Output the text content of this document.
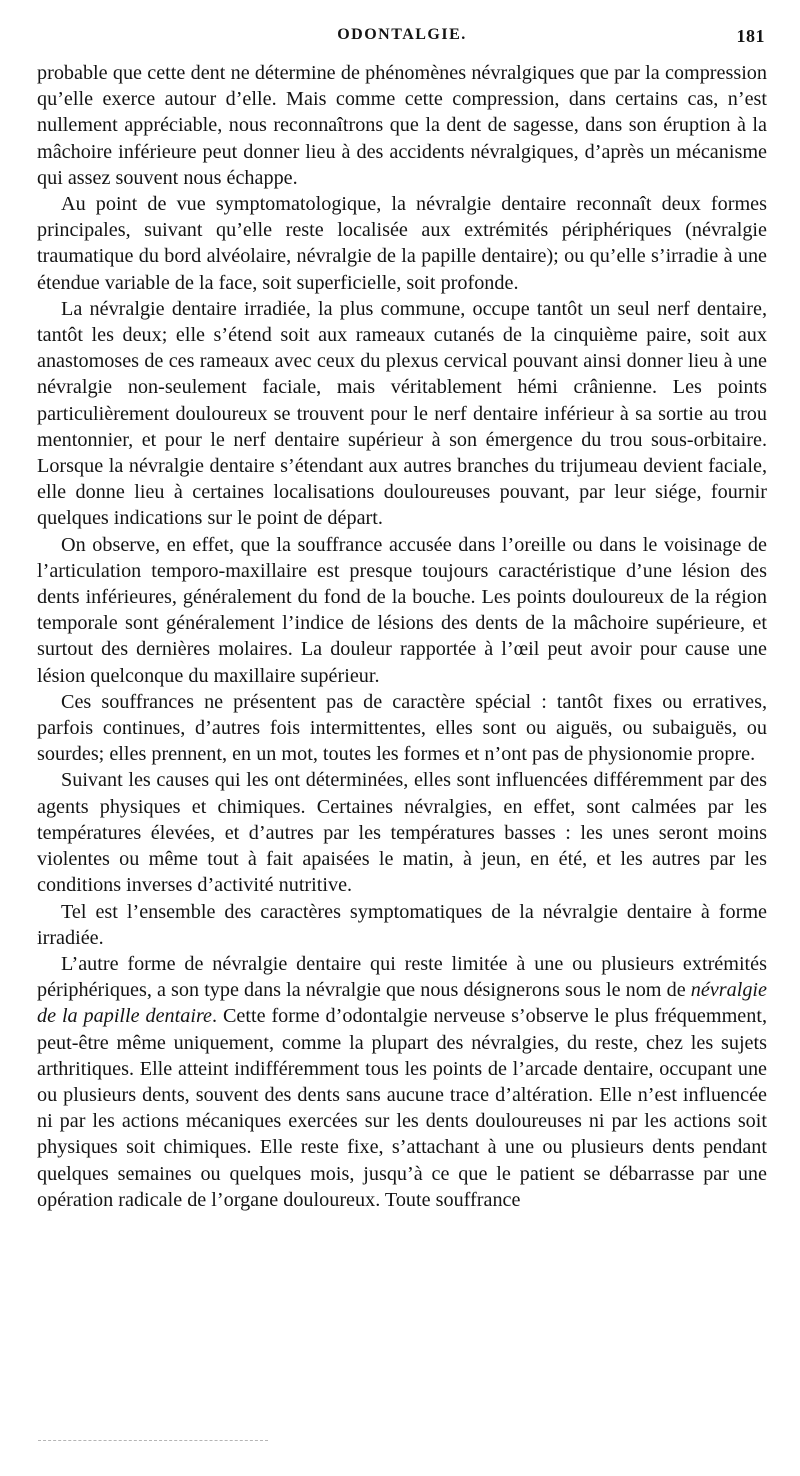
ODONTALGIE.	181

probable que cette dent ne détermine de phénomènes névralgiques que par la compression qu’elle exerce autour d’elle. Mais comme cette compression, dans certains cas, n’est nullement appréciable, nous reconnaîtrons que la dent de sagesse, dans son éruption à la mâchoire inférieure peut donner lieu à des accidents névralgiques, d’après un mécanisme qui assez souvent nous échappe.

Au point de vue symptomatologique, la névralgie dentaire reconnaît deux formes principales, suivant qu’elle reste localisée aux extrémités périphériques (névralgie traumatique du bord alvéolaire, névralgie de la papille dentaire); ou qu’elle s’irradie à une étendue variable de la face, soit superficielle, soit profonde.

La névralgie dentaire irradiée, la plus commune, occupe tantôt un seul nerf dentaire, tantôt les deux; elle s’étend soit aux rameaux cutanés de la cinquième paire, soit aux anastomoses de ces rameaux avec ceux du plexus cervical pouvant ainsi donner lieu à une névralgie non-seulement faciale, mais véritablement hémi crânienne. Les points particulièrement douloureux se trouvent pour le nerf dentaire inférieur à sa sortie au trou mentonnier, et pour le nerf dentaire supérieur à son émergence du trou sous-orbitaire. Lorsque la névralgie dentaire s’étendant aux autres branches du trijumeau devient faciale, elle donne lieu à certaines localisations douloureuses pouvant, par leur siége, fournir quelques indications sur le point de départ.

On observe, en effet, que la souffrance accusée dans l’oreille ou dans le voisinage de l’articulation temporo-maxillaire est presque toujours caractéristique d’une lésion des dents inférieures, généralement du fond de la bouche. Les points douloureux de la région temporale sont généralement l’indice de lésions des dents de la mâchoire supérieure, et surtout des dernières molaires. La douleur rapportée à l’œil peut avoir pour cause une lésion quelconque du maxillaire supérieur.

Ces souffrances ne présentent pas de caractère spécial : tantôt fixes ou erratives, parfois continues, d’autres fois intermittentes, elles sont ou aiguës, ou subaiguës, ou sourdes; elles prennent, en un mot, toutes les formes et n’ont pas de physionomie propre.

Suivant les causes qui les ont déterminées, elles sont influencées différemment par des agents physiques et chimiques. Certaines névralgies, en effet, sont calmées par les températures élevées, et d’autres par les températures basses : les unes seront moins violentes ou même tout à fait apaisées le matin, à jeun, en été, et les autres par les conditions inverses d’activité nutritive.

Tel est l’ensemble des caractères symptomatiques de la névralgie dentaire à forme irradiée.

L’autre forme de névralgie dentaire qui reste limitée à une ou plusieurs extrémités périphériques, a son type dans la névralgie que nous désignerons sous le nom de névralgie de la papille dentaire. Cette forme d’odontalgie nerveuse s’observe le plus fréquemment, peut-être même uniquement, comme la plupart des névralgies, du reste, chez les sujets arthritiques. Elle atteint indifféremment tous les points de l’arcade dentaire, occupant une ou plusieurs dents, souvent des dents sans aucune trace d’altération. Elle n’est influencée ni par les actions mécaniques exercées sur les dents douloureuses ni par les actions soit physiques soit chimiques. Elle reste fixe, s’attachant à une ou plusieurs dents pendant quelques semaines ou quelques mois, jusqu’à ce que le patient se débarrasse par une opération radicale de l’organe douloureux. Toute souffrance
